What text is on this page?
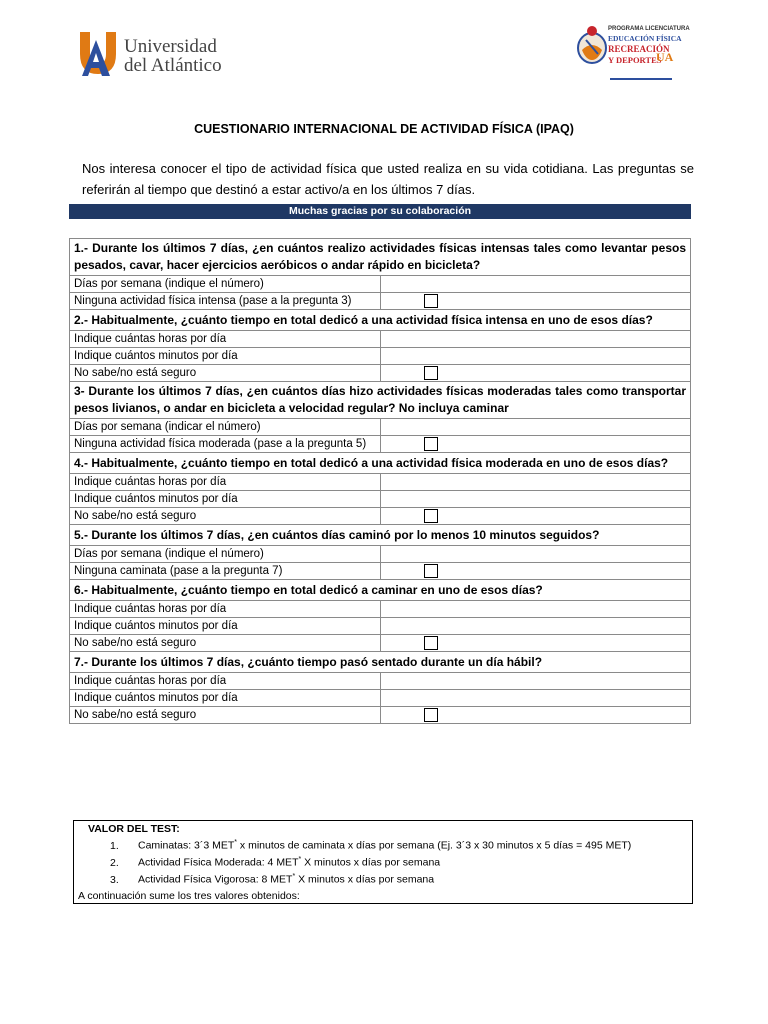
Universidad
del Atlántico
PROGRAMA LICENCIATURA
EDUCACIÓN FÍSICA
RECREACIÓN
Y DEPORTES
UA
CUESTIONARIO INTERNACIONAL DE ACTIVIDAD FÍSICA (IPAQ)
Nos interesa conocer el tipo de actividad física que usted realiza en su vida cotidiana. Las preguntas se referirán al tiempo que destinó a estar activo/a en los últimos 7 días.
Muchas gracias por su colaboración
1.- Durante los últimos 7 días, ¿en cuántos realizo actividades físicas intensas tales como levantar pesos pesados, cavar, hacer ejercicios aeróbicos o andar rápido en bicicleta?	
Días por semana (indique el número)	
Ninguna actividad física intensa (pase a la pregunta 3)	

2.- Habitualmente, ¿cuánto tiempo en total dedicó a una actividad física intensa en uno de esos días?	
Indique cuántas horas por día	
Indique cuántos minutos por día	
No sabe/no está seguro	

3- Durante los últimos 7 días, ¿en cuántos días hizo actividades físicas moderadas tales como transportar pesos livianos, o andar en bicicleta a velocidad regular? No incluya caminar	
Días por semana (indicar el número)	
Ninguna actividad física moderada (pase a la pregunta 5)	

4.- Habitualmente, ¿cuánto tiempo en total dedicó a una actividad física moderada en uno de esos días?	
Indique cuántas horas por día	
Indique cuántos minutos por día	
No sabe/no está seguro	

5.- Durante los últimos 7 días, ¿en cuántos días caminó por lo menos 10 minutos seguidos?	
Días por semana (indique el número)	
Ninguna caminata (pase a la pregunta 7)	

6.- Habitualmente, ¿cuánto tiempo en total dedicó a caminar en uno de esos días?	
Indique cuántas horas por día	
Indique cuántos minutos por día	
No sabe/no está seguro	

7.- Durante los últimos 7 días, ¿cuánto tiempo pasó sentado durante un día hábil?	
Indique cuántas horas por día	
Indique cuántos minutos por día	
No sabe/no está seguro	
VALOR DEL TEST:
1. Caminatas: 3´3 MET* x minutos de caminata x días por semana (Ej. 3´3 x 30 minutos x 5 días = 495 MET)
2. Actividad Física Moderada: 4 MET* X minutos x días por semana
3. Actividad Física Vigorosa: 8 MET* X minutos x días por semana
A continuación sume los tres valores obtenidos:
